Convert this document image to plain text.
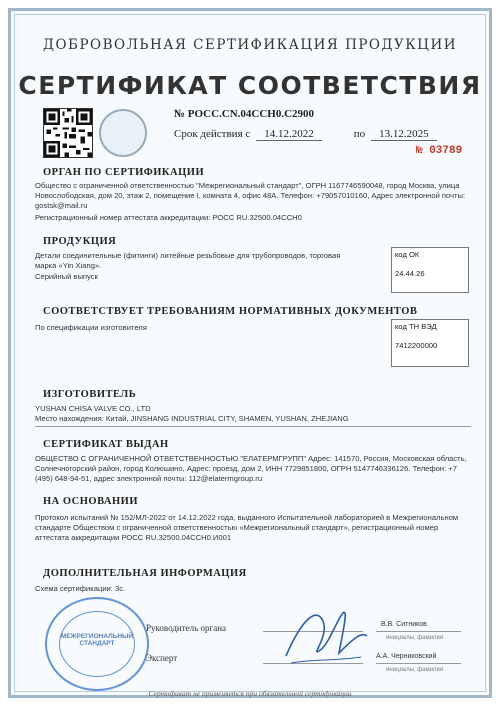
ДОБРОВОЛЬНАЯ СЕРТИФИКАЦИЯ ПРОДУКЦИИ
СЕРТИФИКАТ СООТВЕТСТВИЯ
№ РОСС.CN.04ССН0.С2900
Срок действия с 14.12.2022	по 13.12.2025
№ 03789
ОРГАН ПО СЕРТИФИКАЦИИ
Общество с ограниченной ответственностью "Межрегиональный стандарт", ОГРН 1167746590048, город Москва, улица Новослободская, дом 20, этаж 2, помещение I, комната 4, офис 48А. Телефон: +79057010160, Адрес электронной почты: gostsk@mail.ru
Регистрационный номер аттестата аккредитации: РОСС RU.32500.04ССН0
ПРОДУКЦИЯ
Детали соединительные (фитинги) литейные резьбовые для трубопроводов, торговая марка «Yin Xiang».
Серийный выпуск
код ОК
24.44.26
СООТВЕТСТВУЕТ ТРЕБОВАНИЯМ НОРМАТИВНЫХ ДОКУМЕНТОВ
По спецификации изготовителя	код ТН ВЭД
7412200000
ИЗГОТОВИТЕЛЬ
YUSHAN CHISA VALVE CO., LTD
Место нахождения: Китай, JINSHANG INDUSTRIAL CITY, SHAMEN, YUSHAN, ZHEJIANG
СЕРТИФИКАТ ВЫДАН
ОБЩЕСТВО С ОГРАНИЧЕННОЙ ОТВЕТСТВЕННОСТЬЮ "ЕЛАТЕРМГРУПП" Адрес: 141570, Россия, Московская область, Солнечногорский район, город Колюшино, Адрес: проезд, дом 2, ИНН 7729851800, ОГРН 5147746336126. Телефон: +7 (495) 648-94-51, адрес электронной почты: 112@elatermgroup.ru
НА ОСНОВАНИИ
Протокол испытаний № 152/МЛ-2022 от 14.12.2022 года, выданного Испытательной лабораторией в Межрегиональном стандарте Обществом с ограниченной ответственностью «Межрегиональный стандарт», регистрационный номер аттестата аккредитации РОСС RU.32500.04ССН0.И001
ДОПОЛНИТЕЛЬНАЯ ИНФОРМАЦИЯ
Схема сертификации: 3с.
МЕЖРЕГИОНАЛЬНЫЙ СТАНДАРТ
Руководитель органа	В.В. Ситников
инициалы, фамилия
Эксперт	А.А. Черниковский
инициалы, фамилия
Сертификат не применяется при обязательной сертификации
